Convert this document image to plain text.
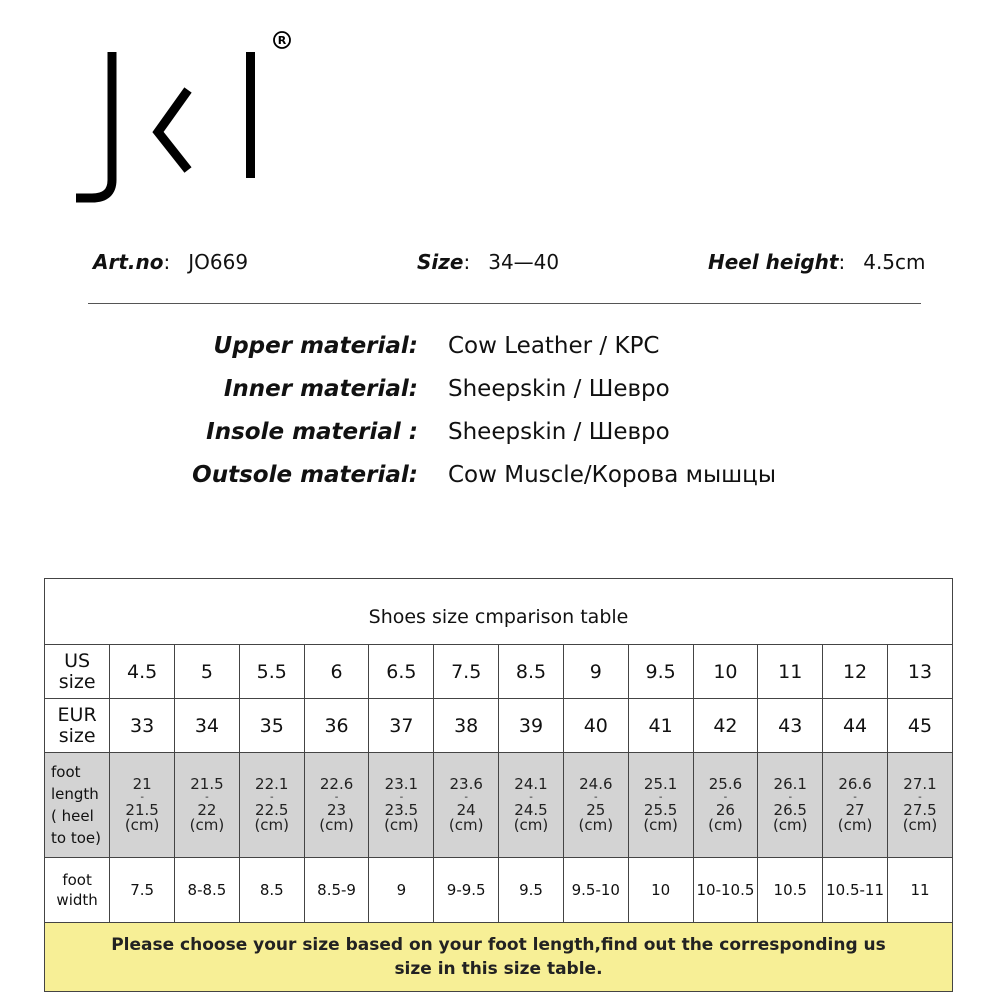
R
Art.no: JO669	Size: 34—40	Heel height: 4.5cm
Upper material: Cow Leather / KPC
Inner material: Sheepskin / Шевро
Insole material : Sheepskin / Шевро
Outsole material: Cow Muscle/Корова мышцы
Shoes size cmparison table													

US
size	4.5	5	5.5	6	6.5	7.5	8.5	9	9.5	10	11	12	13

EUR
size	33	34	35	36	37	38	39	40	41	42	43	44	45

foot
length
( heel
to toe)	21
-
21.5
(cm)	21.5
-
22
(cm)	22.1
-
22.5
(cm)	22.6
-
23
(cm)	23.1
-
23.5
(cm)	23.6
-
24
(cm)	24.1
-
24.5
(cm)	24.6
-
25
(cm)	25.1
-
25.5
(cm)	25.6
-
26
(cm)	26.1
-
26.5
(cm)	26.6
-
27
(cm)	27.1
-
27.5
(cm)

foot
width	7.5	8-8.5	8.5	8.5-9	9	9-9.5	9.5	9.5-10	10	10-10.5	10.5	10.5-11	11
Please choose your size based on your foot length,find out the corresponding us size in this size table.													
